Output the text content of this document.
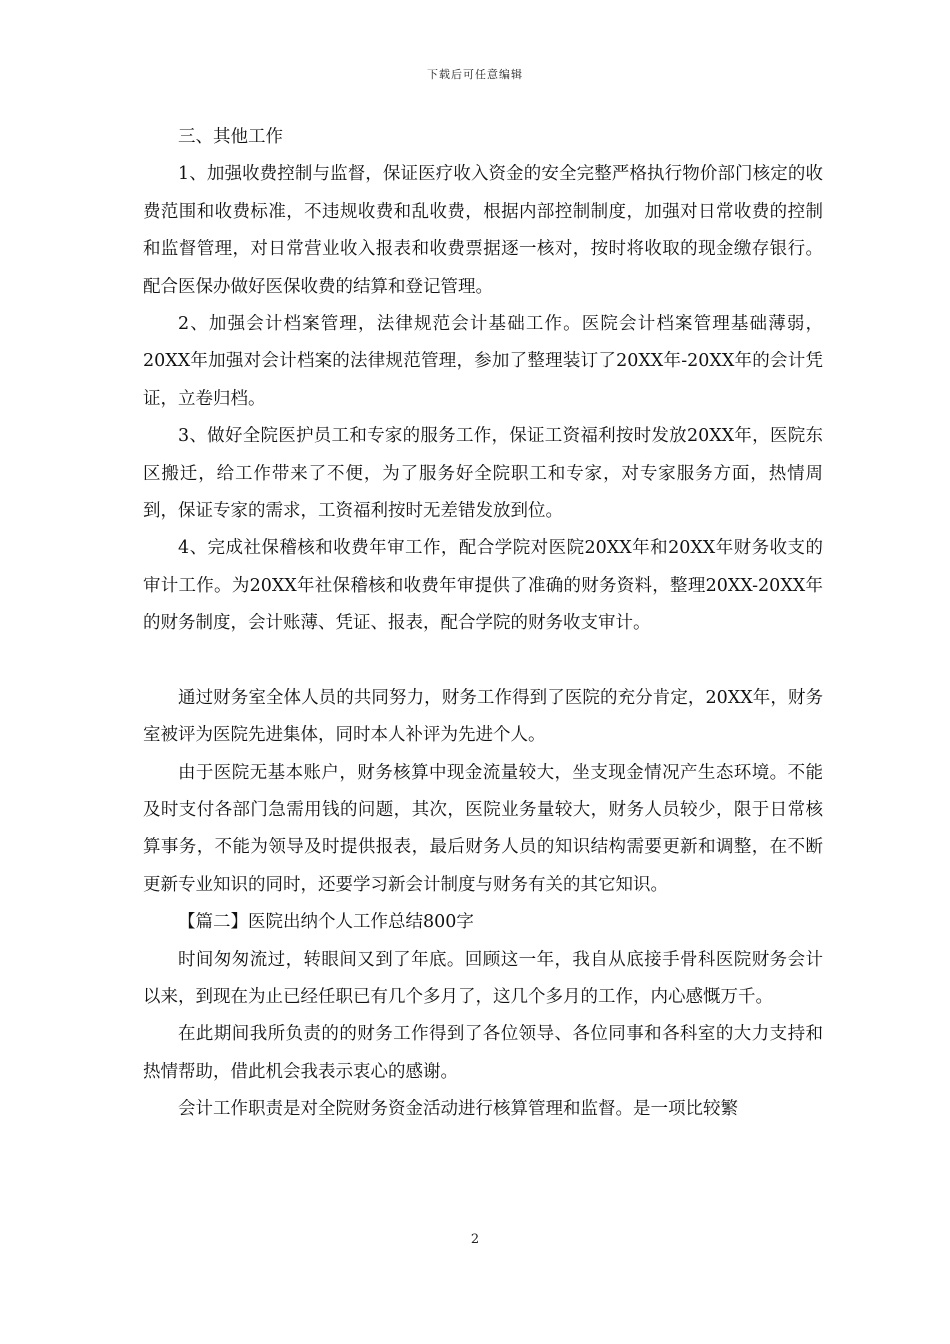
下载后可任意编辑

三、其他工作

1、加强收费控制与监督，保证医疗收入资金的安全完整严格执行物价部门核定的收费范围和收费标准，不违规收费和乱收费，根据内部控制制度，加强对日常收费的控制和监督管理，对日常营业收入报表和收费票据逐一核对，按时将收取的现金缴存银行。配合医保办做好医保收费的结算和登记管理。

2、加强会计档案管理，法律规范会计基础工作。医院会计档案管理基础薄弱，20XX年加强对会计档案的法律规范管理，参加了整理装订了20XX年-20XX年的会计凭证，立卷归档。

3、做好全院医护员工和专家的服务工作，保证工资福利按时发放20XX年，医院东区搬迁，给工作带来了不便，为了服务好全院职工和专家，对专家服务方面，热情周到，保证专家的需求，工资福利按时无差错发放到位。

4、完成社保稽核和收费年审工作，配合学院对医院20XX年和20XX年财务收支的审计工作。为20XX年社保稽核和收费年审提供了准确的财务资料，整理20XX-20XX年的财务制度，会计账薄、凭证、报表，配合学院的财务收支审计。

通过财务室全体人员的共同努力，财务工作得到了医院的充分肯定，20XX年，财务室被评为医院先进集体，同时本人补评为先进个人。

由于医院无基本账户，财务核算中现金流量较大，坐支现金情况产生态环境。不能及时支付各部门急需用钱的问题，其次，医院业务量较大，财务人员较少，限于日常核算事务，不能为领导及时提供报表，最后财务人员的知识结构需要更新和调整，在不断更新专业知识的同时，还要学习新会计制度与财务有关的其它知识。

【篇二】医院出纳个人工作总结800字

时间匆匆流过，转眼间又到了年底。回顾这一年，我自从底接手骨科医院财务会计以来，到现在为止已经任职已有几个多月了，这几个多月的工作，内心感慨万千。

在此期间我所负责的的财务工作得到了各位领导、各位同事和各科室的大力支持和热情帮助，借此机会我表示衷心的感谢。

会计工作职责是对全院财务资金活动进行核算管理和监督。是一项比较繁

2
